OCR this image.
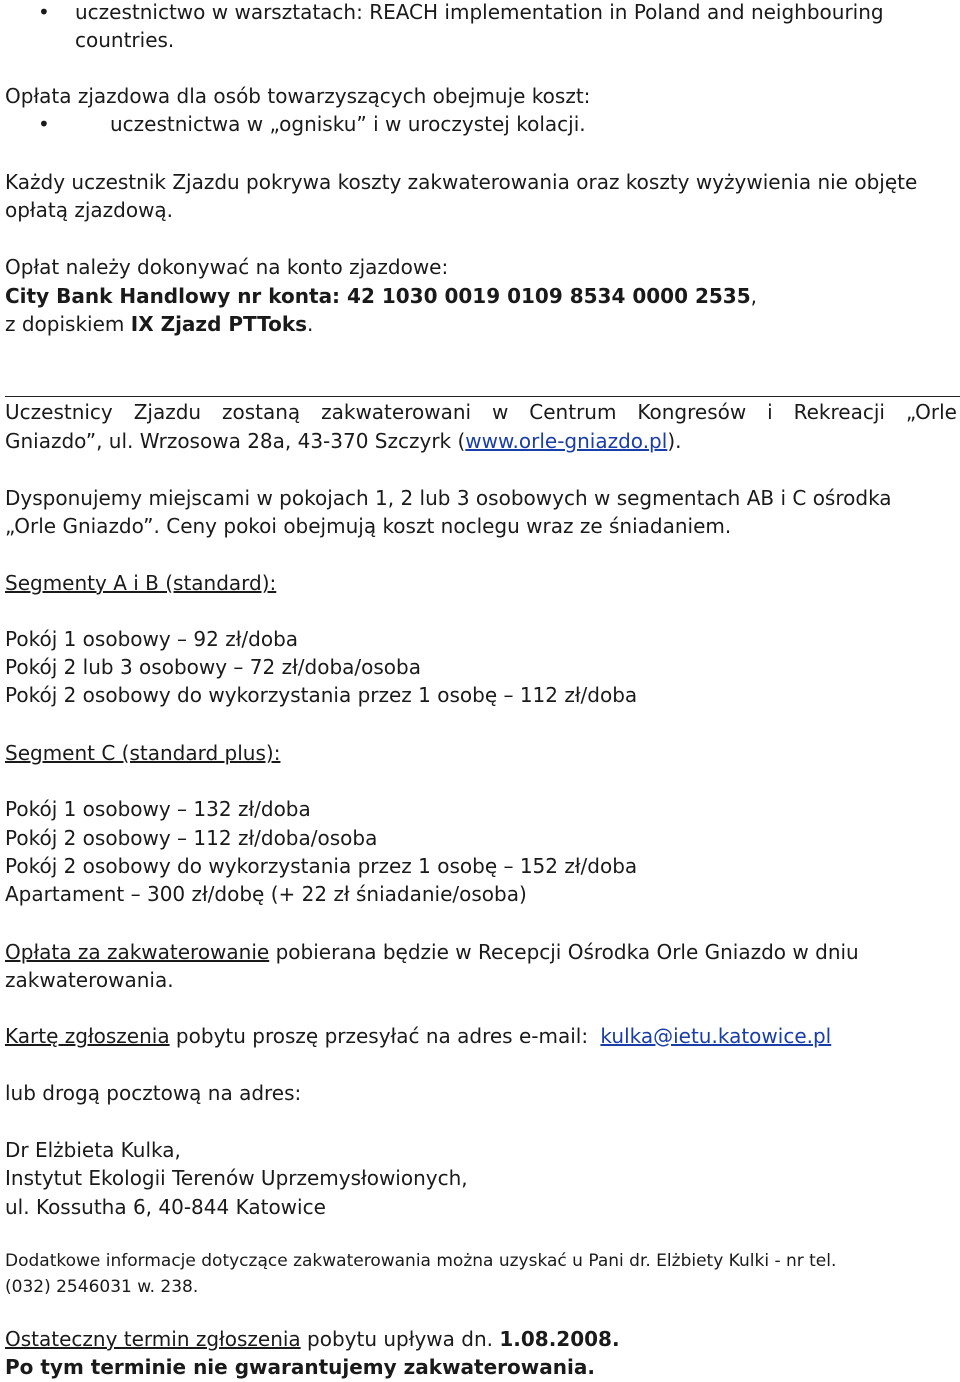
• uczestnictwo w warsztatach: REACH implementation in Poland and neighbouring
countries.
Opłata zjazdowa dla osób towarzyszących obejmuje koszt:
•	uczestnictwa w „ognisku” i w uroczystej kolacji.
Każdy uczestnik Zjazdu pokrywa koszty zakwaterowania oraz koszty wyżywienia nie objęte
opłatą zjazdową.
Opłat należy dokonywać na konto zjazdowe:
City Bank Handlowy nr konta: 42 1030 0019 0109 8534 0000 2535,
z dopiskiem IX Zjazd PTToks.
Uczestnicy Zjazdu zostaną zakwaterowani w Centrum Kongresów i Rekreacji „Orle
Gniazdo”, ul. Wrzosowa 28a, 43-370 Szczyrk (www.orle-gniazdo.pl).
Dysponujemy miejscami w pokojach 1, 2 lub 3 osobowych w segmentach AB i C ośrodka
„Orle Gniazdo”. Ceny pokoi obejmują koszt noclegu wraz ze śniadaniem.
Segmenty A i B (standard):
Pokój 1 osobowy – 92 zł/doba
Pokój 2 lub 3 osobowy – 72 zł/doba/osoba
Pokój 2 osobowy do wykorzystania przez 1 osobę – 112 zł/doba
Segment C (standard plus):
Pokój 1 osobowy – 132 zł/doba
Pokój 2 osobowy – 112 zł/doba/osoba
Pokój 2 osobowy do wykorzystania przez 1 osobę – 152 zł/doba
Apartament – 300 zł/dobę (+ 22 zł śniadanie/osoba)
Opłata za zakwaterowanie pobierana będzie w Recepcji Ośrodka Orle Gniazdo w dniu
zakwaterowania.
Kartę zgłoszenia pobytu proszę przesyłać na adres e-mail: kulka@ietu.katowice.pl
lub drogą pocztową na adres:
Dr Elżbieta Kulka,
Instytut Ekologii Terenów Uprzemysłowionych,
ul. Kossutha 6, 40-844 Katowice
Dodatkowe informacje dotyczące zakwaterowania można uzyskać u Pani dr. Elżbiety Kulki - nr tel.
(032) 2546031 w. 238.
Ostateczny termin zgłoszenia pobytu upływa dn. 1.08.2008.
Po tym terminie nie gwarantujemy zakwaterowania.
